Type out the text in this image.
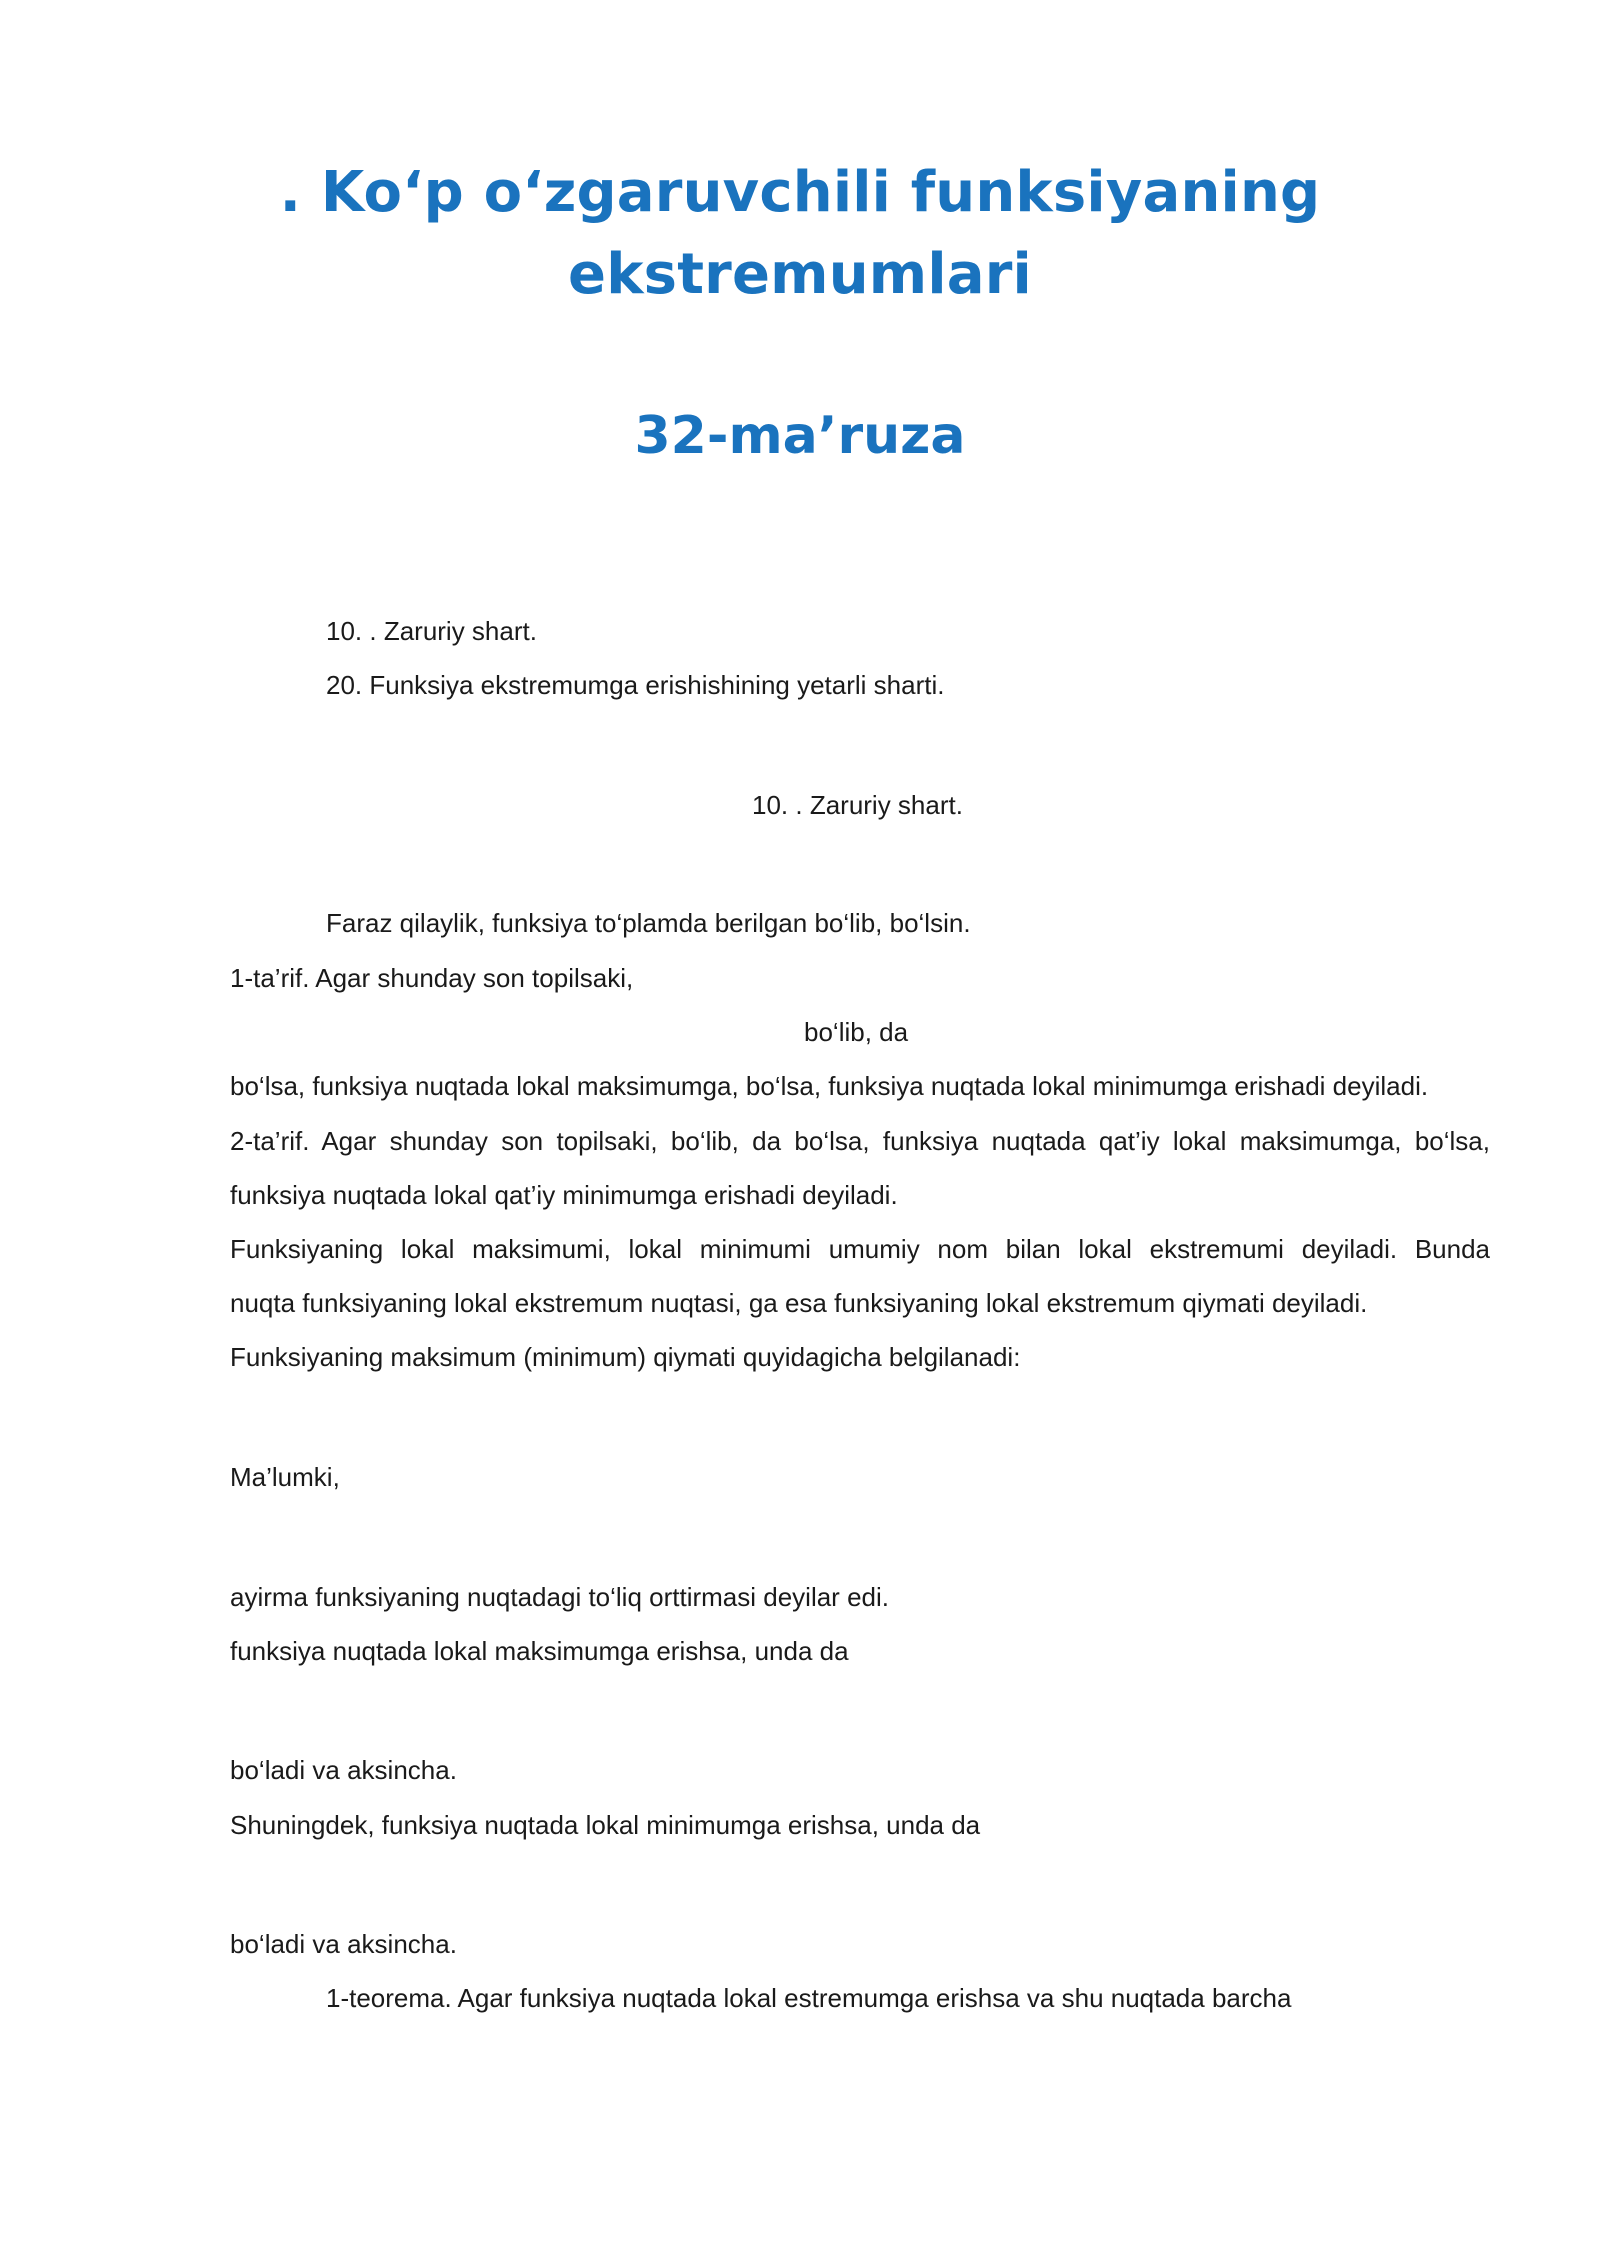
. Ko‘p o‘zgaruvchili funksiyaning
ekstremumlari
32-ma’ruza
10. . Zaruriy shart.
20. Funksiya ekstremumga erishishining yetarli sharti.
10. . Zaruriy shart.
Faraz qilaylik, funksiya to‘plamda berilgan bo‘lib, bo‘lsin.
1-ta’rif. Agar shunday son topilsaki,
bo‘lib, da
bo‘lsa, funksiya nuqtada lokal maksimumga, bo‘lsa, funksiya nuqtada lokal minimumga erishadi deyiladi.
2-ta’rif. Agar shunday son topilsaki, bo‘lib, da bo‘lsa, funksiya nuqtada qat’iy lokal maksimumga, bo‘lsa,
funksiya nuqtada lokal qat’iy minimumga erishadi deyiladi.
Funksiyaning lokal maksimumi, lokal minimumi umumiy nom bilan lokal ekstremumi deyiladi. Bunda
nuqta funksiyaning lokal ekstremum nuqtasi, ga esa funksiyaning lokal ekstremum qiymati deyiladi.
Funksiyaning maksimum (minimum) qiymati quyidagicha belgilanadi:
Ma’lumki,
ayirma funksiyaning nuqtadagi to‘liq orttirmasi deyilar edi.
funksiya nuqtada lokal maksimumga erishsa, unda da
bo‘ladi va aksincha.
Shuningdek, funksiya nuqtada lokal minimumga erishsa, unda da
bo‘ladi va aksincha.
1-teorema. Agar funksiya nuqtada lokal estremumga erishsa va shu nuqtada barcha
